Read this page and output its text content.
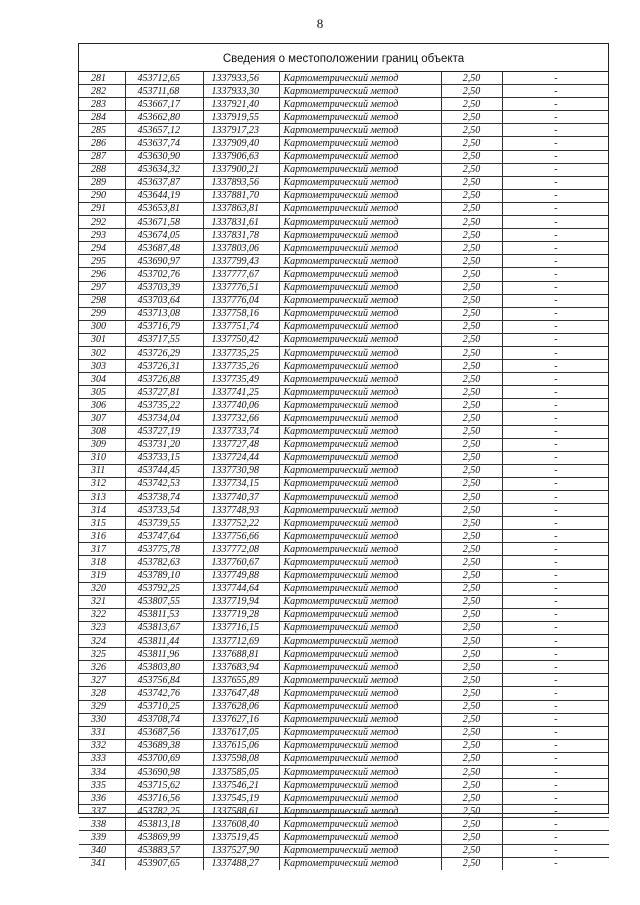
8
Сведения о местоположении границ объекта
281	453712,65	1337933,56	Картометрический метод	2,50	-
282	453711,68	1337933,30	Картометрический метод	2,50	-
283	453667,17	1337921,40	Картометрический метод	2,50	-
284	453662,80	1337919,55	Картометрический метод	2,50	-
285	453657,12	1337917,23	Картометрический метод	2,50	-
286	453637,74	1337909,40	Картометрический метод	2,50	-
287	453630,90	1337906,63	Картометрический метод	2,50	-
288	453634,32	1337900,21	Картометрический метод	2,50	-
289	453637,87	1337893,56	Картометрический метод	2,50	-
290	453644,19	1337881,70	Картометрический метод	2,50	-
291	453653,81	1337863,81	Картометрический метод	2,50	-
292	453671,58	1337831,61	Картометрический метод	2,50	-
293	453674,05	1337831,78	Картометрический метод	2,50	-
294	453687,48	1337803,06	Картометрический метод	2,50	-
295	453690,97	1337799,43	Картометрический метод	2,50	-
296	453702,76	1337777,67	Картометрический метод	2,50	-
297	453703,39	1337776,51	Картометрический метод	2,50	-
298	453703,64	1337776,04	Картометрический метод	2,50	-
299	453713,08	1337758,16	Картометрический метод	2,50	-
300	453716,79	1337751,74	Картометрический метод	2,50	-
301	453717,55	1337750,42	Картометрический метод	2,50	-
302	453726,29	1337735,25	Картометрический метод	2,50	-
303	453726,31	1337735,26	Картометрический метод	2,50	-
304	453726,88	1337735,49	Картометрический метод	2,50	-
305	453727,81	1337741,25	Картометрический метод	2,50	-
306	453735,22	1337740,06	Картометрический метод	2,50	-
307	453734,04	1337732,66	Картометрический метод	2,50	-
308	453727,19	1337733,74	Картометрический метод	2,50	-
309	453731,20	1337727,48	Картометрический метод	2,50	-
310	453733,15	1337724,44	Картометрический метод	2,50	-
311	453744,45	1337730,98	Картометрический метод	2,50	-
312	453742,53	1337734,15	Картометрический метод	2,50	-
313	453738,74	1337740,37	Картометрический метод	2,50	-
314	453733,54	1337748,93	Картометрический метод	2,50	-
315	453739,55	1337752,22	Картометрический метод	2,50	-
316	453747,64	1337756,66	Картометрический метод	2,50	-
317	453775,78	1337772,08	Картометрический метод	2,50	-
318	453782,63	1337760,67	Картометрический метод	2,50	-
319	453789,10	1337749,88	Картометрический метод	2,50	-
320	453792,25	1337744,64	Картометрический метод	2,50	-
321	453807,55	1337719,94	Картометрический метод	2,50	-
322	453811,53	1337719,28	Картометрический метод	2,50	-
323	453813,67	1337716,15	Картометрический метод	2,50	-
324	453811,44	1337712,69	Картометрический метод	2,50	-
325	453811,96	1337688,81	Картометрический метод	2,50	-
326	453803,80	1337683,94	Картометрический метод	2,50	-
327	453756,84	1337655,89	Картометрический метод	2,50	-
328	453742,76	1337647,48	Картометрический метод	2,50	-
329	453710,25	1337628,06	Картометрический метод	2,50	-
330	453708,74	1337627,16	Картометрический метод	2,50	-
331	453687,56	1337617,05	Картометрический метод	2,50	-
332	453689,38	1337615,06	Картометрический метод	2,50	-
333	453700,69	1337598,08	Картометрический метод	2,50	-
334	453690,98	1337585,05	Картометрический метод	2,50	-
335	453715,62	1337546,21	Картометрический метод	2,50	-
336	453716,56	1337545,19	Картометрический метод	2,50	-
337	453782,25	1337588,61	Картометрический метод	2,50	-
338	453813,18	1337608,40	Картометрический метод	2,50	-
339	453869,99	1337519,45	Картометрический метод	2,50	-
340	453883,57	1337527,90	Картометрический метод	2,50	-
341	453907,65	1337488,27	Картометрический метод	2,50	-
